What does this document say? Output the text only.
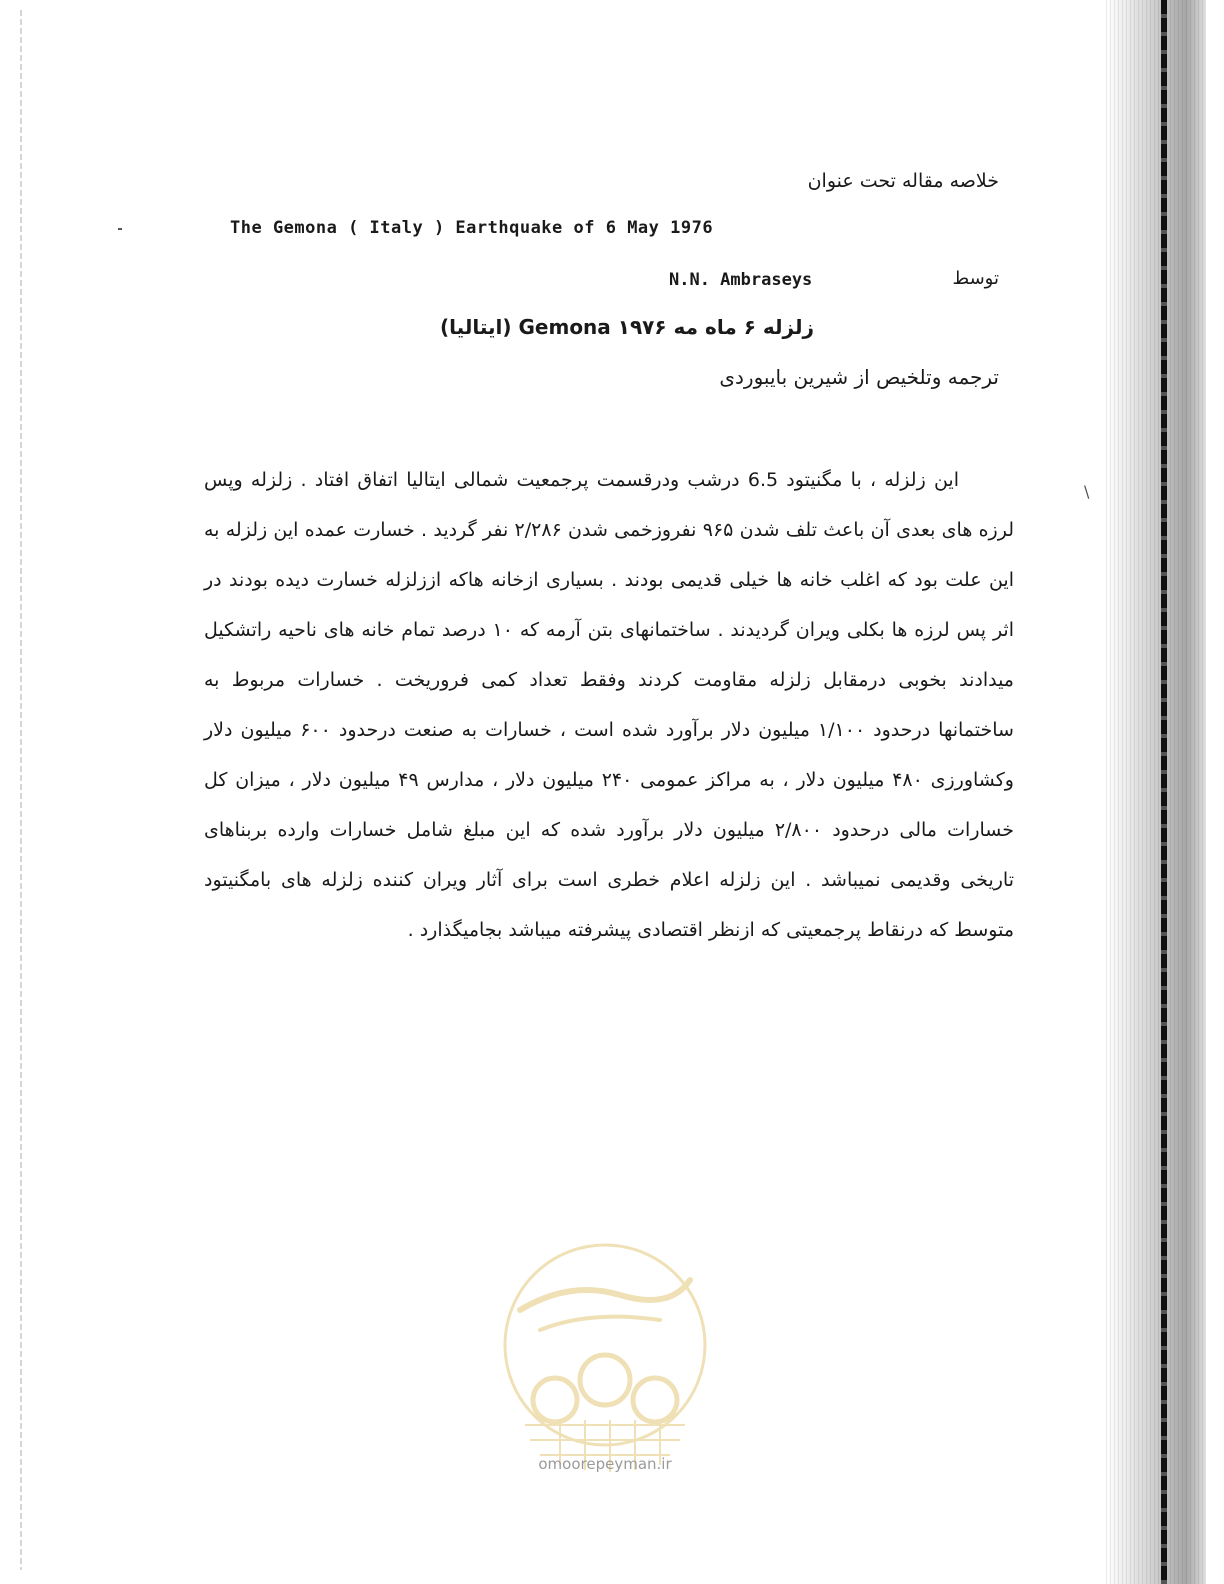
\
خلاصه مقاله تحت عنوان
The Gemona ( Italy ) Earthquake of 6 May 1976
توسط
N.N. Ambraseys
زلزله ۶ ماه مه ۱۹۷۶ Gemona (ایتالیا)
ترجمه وتلخیص از شیرین بایبوردی

این زلزله ، با مگنیتود 6.5 درشب ودرقسمت پرجمعیت شمالی ایتالیا اتفاق افتاد . زلزله وپس لرزه های بعدی آن باعث تلف شدن ۹۶۵ نفروزخمی شدن ۲/۲۸۶ نفر گردید . خسارت عمده این زلزله به این علت بود که اغلب خانه ها خیلی قدیمی بودند . بسیاری ازخانه هاکه اززلزله خسارت دیده بودند در اثر پس لرزه ها بکلی ویران گردیدند . ساختمانهای بتن آرمه که ۱۰ درصد تمام خانه های ناحیه راتشکیل میدادند بخوبی درمقابل زلزله مقاومت کردند وفقط تعداد کمی فروریخت . خسارات مربوط به ساختمانها درحدود ۱/۱۰۰ میلیون دلار برآورد شده است ، خسارات به صنعت درحدود ۶۰۰ میلیون دلار وکشاورزی ۴۸۰ میلیون دلار ، به مراکز عمومی ۲۴۰ میلیون دلار ، مدارس ۴۹ میلیون دلار ، میزان کل خسارات مالی درحدود ۲/۸۰۰ میلیون دلار برآورد شده که این مبلغ شامل خسارات وارده بربناهای تاریخی وقدیمی نمیباشد . این زلزله اعلام خطری است برای آثار ویران کننده زلزله های بامگنیتود متوسط که درنقاط پرجمعیتی که ازنظر اقتصادی پیشرفته میباشد بجامیگذارد .

omoorepeyman.ir
